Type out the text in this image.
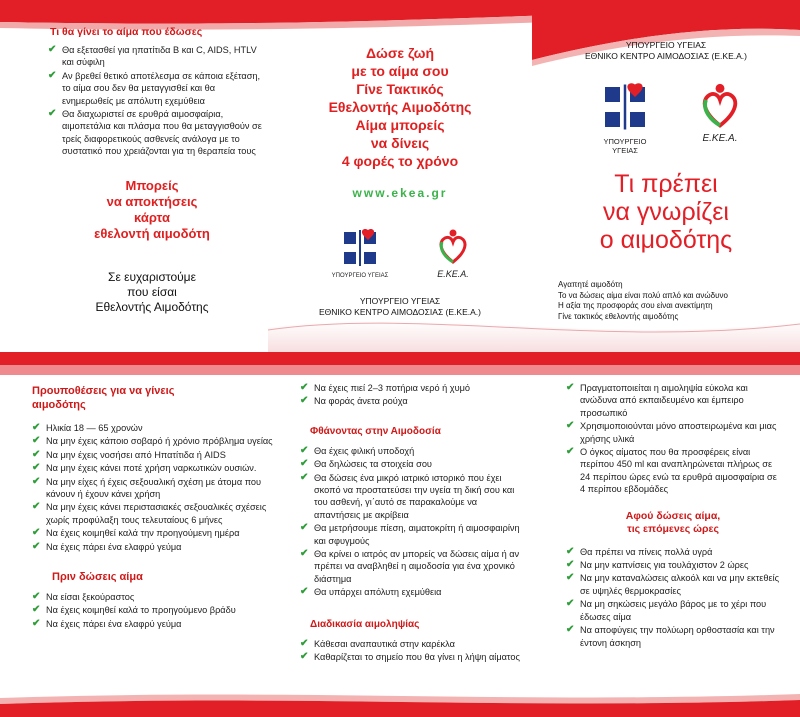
Τι θα γίνει το αίμα που έδωσες
✔ Θα εξετασθεί για ηπατίτιδα Β και C, AIDS, HTLV και σύφιλη
✔ Αν βρεθεί θετικό αποτέλεσμα σε κάποια εξέταση, το αίμα σου δεν θα μεταγγισθεί και θα ενημερωθείς με απόλυτη εχεμύθεια
✔ Θα διαχωριστεί σε ερυθρά αιμοσφαίρια, αιμοπετάλια και πλάσμα που θα μεταγγισθούν σε τρείς διαφορετικούς ασθενείς ανάλογα με το συστατικό που χρειάζονται για τη θεραπεία τους
Μπορείς
να αποκτήσεις
κάρτα
εθελοντή αιμοδότη
Σε ευχαριστούμε
που είσαι
Εθελοντής Αιμοδότης
Δώσε ζωή
με το αίμα σου
Γίνε Τακτικός
Εθελοντής Αιμοδότης
Αίμα μπορείς
να δίνεις
4 φορές το χρόνο
www.ekea.gr
ΥΠΟΥΡΓΕΙΟ ΥΓΕΙΑΣ	Ε.ΚΕ.Α.
ΥΠΟΥΡΓΕΙΟ ΥΓΕΙΑΣ
ΕΘΝΙΚΟ ΚΕΝΤΡΟ ΑΙΜΟΔΟΣΙΑΣ (Ε.ΚΕ.Α.)
ΥΠΟΥΡΓΕΙΟ ΥΓΕΙΑΣ
ΕΘΝΙΚΟ ΚΕΝΤΡΟ ΑΙΜΟΔΟΣΙΑΣ (Ε.ΚΕ.Α.)
ΥΠΟΥΡΓΕΙΟ ΥΓΕΙΑΣ
Ε.ΚΕ.Α.
Τι πρέπει
να γνωρίζει
ο αιμοδότης
Αγαπητέ αιμοδότη
Το να δώσεις αίμα είναι πολύ απλό και ανώδυνο
Η αξία της προσφοράς σου είναι ανεκτίμητη
Γίνε τακτικός εθελοντής αιμοδότης
Προυποθέσεις για να γίνεις
αιμοδότης
✔ Ηλικία 18 — 65 χρονών
✔ Να μην έχεις κάποιο σοβαρό ή χρόνιο πρόβλημα υγείας
✔ Να μην έχεις νοσήσει από Ηπατίτιδα ή AIDS
✔ Να μην έχεις κάνει ποτέ χρήση ναρκωτικών ουσιών.
✔ Να μην είχες ή έχεις σεξουαλική σχέση με άτομα που κάνουν ή έχουν κάνει χρήση
✔ Να μην έχεις κάνει περιστασιακές σεξουαλικές σχέσεις χωρίς προφύλαξη τους τελευταίους 6 μήνες
✔ Να έχεις κοιμηθεί καλά την προηγούμενη ημέρα
✔ Να έχεις πάρει ένα ελαφρύ γεύμα
Πριν δώσεις αίμα
✔ Να είσαι ξεκούραστος
✔ Να έχεις κοιμηθεί καλά το προηγούμενο βράδυ
✔ Να έχεις πάρει ένα ελαφρύ γεύμα
✔ Να έχεις πιεί 2–3 ποτήρια νερό ή χυμό
✔ Να φοράς άνετα ρούχα
Φθάνοντας στην Αιμοδοσία
✔ Θα έχεις φιλική υποδοχή
✔ Θα δηλώσεις τα στοιχεία σου
✔ Θα δώσεις ένα μικρό ιατρικό ιστορικό που έχει σκοπό να προστατεύσει την υγεία τη δική σου και του ασθενή, γι΄αυτό σε παρακαλούμε να απαντήσεις με ακρίβεια
✔ Θα μετρήσουμε πίεση, αιματοκρίτη ή αιμοσφαιρίνη και σφυγμούς
✔ Θα κρίνει ο ιατρός αν μπορείς να δώσεις αίμα ή αν πρέπει να αναβληθεί η αιμοδοσία για ένα χρονικό διάστημα
✔ Θα υπάρχει απόλυτη εχεμύθεια
Διαδικασία αιμοληψίας
✔ Κάθεσαι αναπαυτικά στην καρέκλα
✔ Καθαρίζεται το σημείο που θα γίνει η λήψη αίματος
✔ Πραγματοποιείται η αιμοληψία εύκολα και ανώδυνα από εκπαιδευμένο και έμπειρο προσωπικό
✔ Χρησιμοποιούνται μόνο αποστειρωμένα και μιας χρήσης υλικά
✔ Ο όγκος αίματος που θα προσφέρεις είναι περίπου 450 ml και αναπληρώνεται πλήρως σε 24 περίπου ώρες ενώ τα ερυθρά αιμοσφαίρια σε 4 περίπου εβδομάδες
Αφού δώσεις αίμα,
τις επόμενες ώρες
✔ Θα πρέπει να πίνεις πολλά υγρά
✔ Να μην καπνίσεις για τουλάχιστον 2 ώρες
✔ Να μην καταναλώσεις αλκοόλ και να μην εκτεθείς σε υψηλές θερμοκρασίες
✔ Να μη σηκώσεις μεγάλο βάρος με το χέρι που έδωσες αίμα
✔ Να αποφύγεις την πολύωρη ορθοστασία και την έντονη άσκηση
